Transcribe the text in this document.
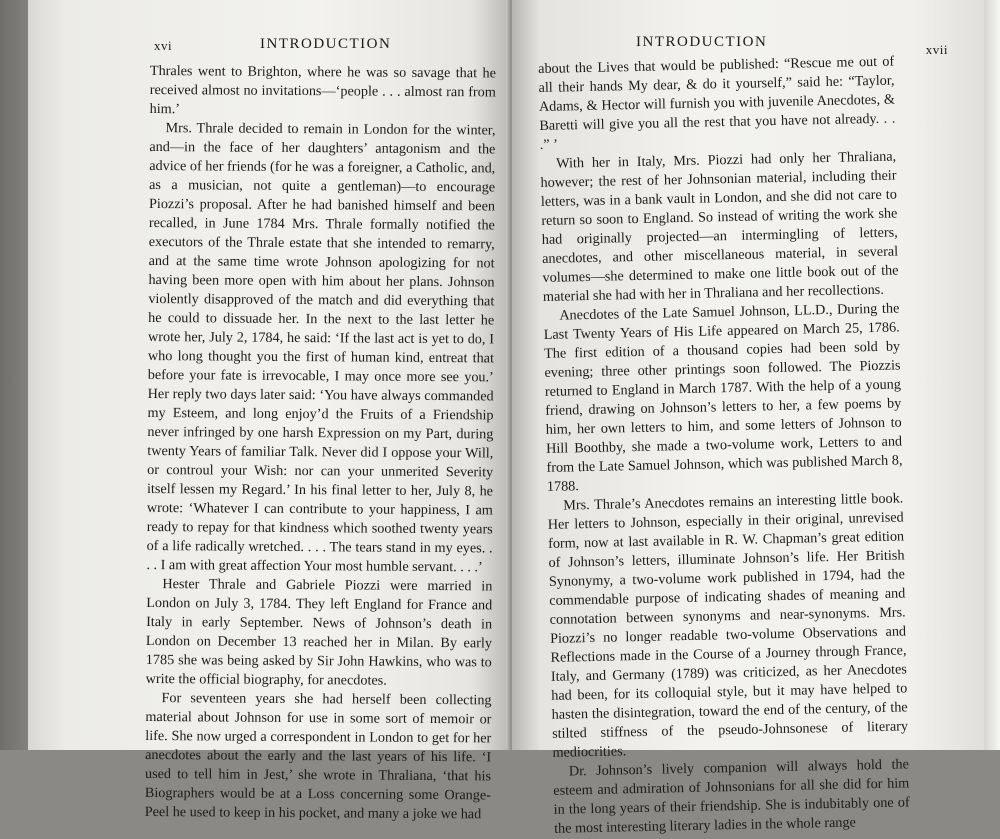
xvi	INTRODUCTION

Thrales went to Brighton, where he was so savage that he received almost no invitations—‘people . . . almost ran from him.’

Mrs. Thrale decided to remain in London for the winter, and—in the face of her daughters’ antagonism and the advice of her friends (for he was a foreigner, a Catholic, and, as a musician, not quite a gentleman)—to encourage Piozzi’s proposal. After he had banished himself and been recalled, in June 1784 Mrs. Thrale formally notified the executors of the Thrale estate that she intended to remarry, and at the same time wrote Johnson apologizing for not having been more open with him about her plans. Johnson violently disapproved of the match and did everything that he could to dissuade her. In the next to the last letter he wrote her, July 2, 1784, he said: ‘If the last act is yet to do, I who long thought you the first of human kind, entreat that before your fate is irrevocable, I may once more see you.’ Her reply two days later said: ‘You have always commanded my Esteem, and long enjoy’d the Fruits of a Friendship never infringed by one harsh Expression on my Part, during twenty Years of familiar Talk. Never did I oppose your Will, or controul your Wish: nor can your unmerited Severity itself lessen my Regard.’ In his final letter to her, July 8, he wrote: ‘Whatever I can contribute to your happiness, I am ready to repay for that kindness which soothed twenty years of a life radically wretched. . . . The tears stand in my eyes. . . . I am with great affection Your most humble servant. . . .’

Hester Thrale and Gabriele Piozzi were married in London on July 3, 1784. They left England for France and Italy in early September. News of Johnson’s death in London on December 13 reached her in Milan. By early 1785 she was being asked by Sir John Hawkins, who was to write the official biography, for anecdotes.

For seventeen years she had herself been collecting material about Johnson for use in some sort of memoir or life. She now urged a correspondent in London to get for her anecdotes about the early and the last years of his life. ‘I used to tell him in Jest,’ she wrote in Thraliana, ‘that his Biographers would be at a Loss concerning some Orange-Peel he used to keep in his pocket, and many a joke we had

INTRODUCTION	xvii

about the Lives that would be published: “Rescue me out of all their hands My dear, & do it yourself,” said he: “Taylor, Adams, & Hector will furnish you with juvenile Anecdotes, & Baretti will give you all the rest that you have not already. . . .” ’

With her in Italy, Mrs. Piozzi had only her Thraliana, however; the rest of her Johnsonian material, including their letters, was in a bank vault in London, and she did not care to return so soon to England. So instead of writing the work she had originally projected—an intermingling of letters, anecdotes, and other miscellaneous material, in several volumes—she determined to make one little book out of the material she had with her in Thraliana and her recollections.

Anecdotes of the Late Samuel Johnson, LL.D., During the Last Twenty Years of His Life appeared on March 25, 1786. The first edition of a thousand copies had been sold by evening; three other printings soon followed. The Piozzis returned to England in March 1787. With the help of a young friend, drawing on Johnson’s letters to her, a few poems by him, her own letters to him, and some letters of Johnson to Hill Boothby, she made a two-volume work, Letters to and from the Late Samuel Johnson, which was published March 8, 1788.

Mrs. Thrale’s Anecdotes remains an interesting little book. Her letters to Johnson, especially in their original, unrevised form, now at last available in R. W. Chapman’s great edition of Johnson’s letters, illuminate Johnson’s life. Her British Synonymy, a two-volume work published in 1794, had the commendable purpose of indicating shades of meaning and connotation between synonyms and near-synonyms. Mrs. Piozzi’s no longer readable two-volume Observations and Reflections made in the Course of a Journey through France, Italy, and Germany (1789) was criticized, as her Anecdotes had been, for its colloquial style, but it may have helped to hasten the disintegration, toward the end of the century, of the stilted stiffness of the pseudo-Johnsonese of literary mediocrities.

Dr. Johnson’s lively companion will always hold the esteem and admiration of Johnsonians for all she did for him in the long years of their friendship. She is indubitably one of the most interesting literary ladies in the whole range
